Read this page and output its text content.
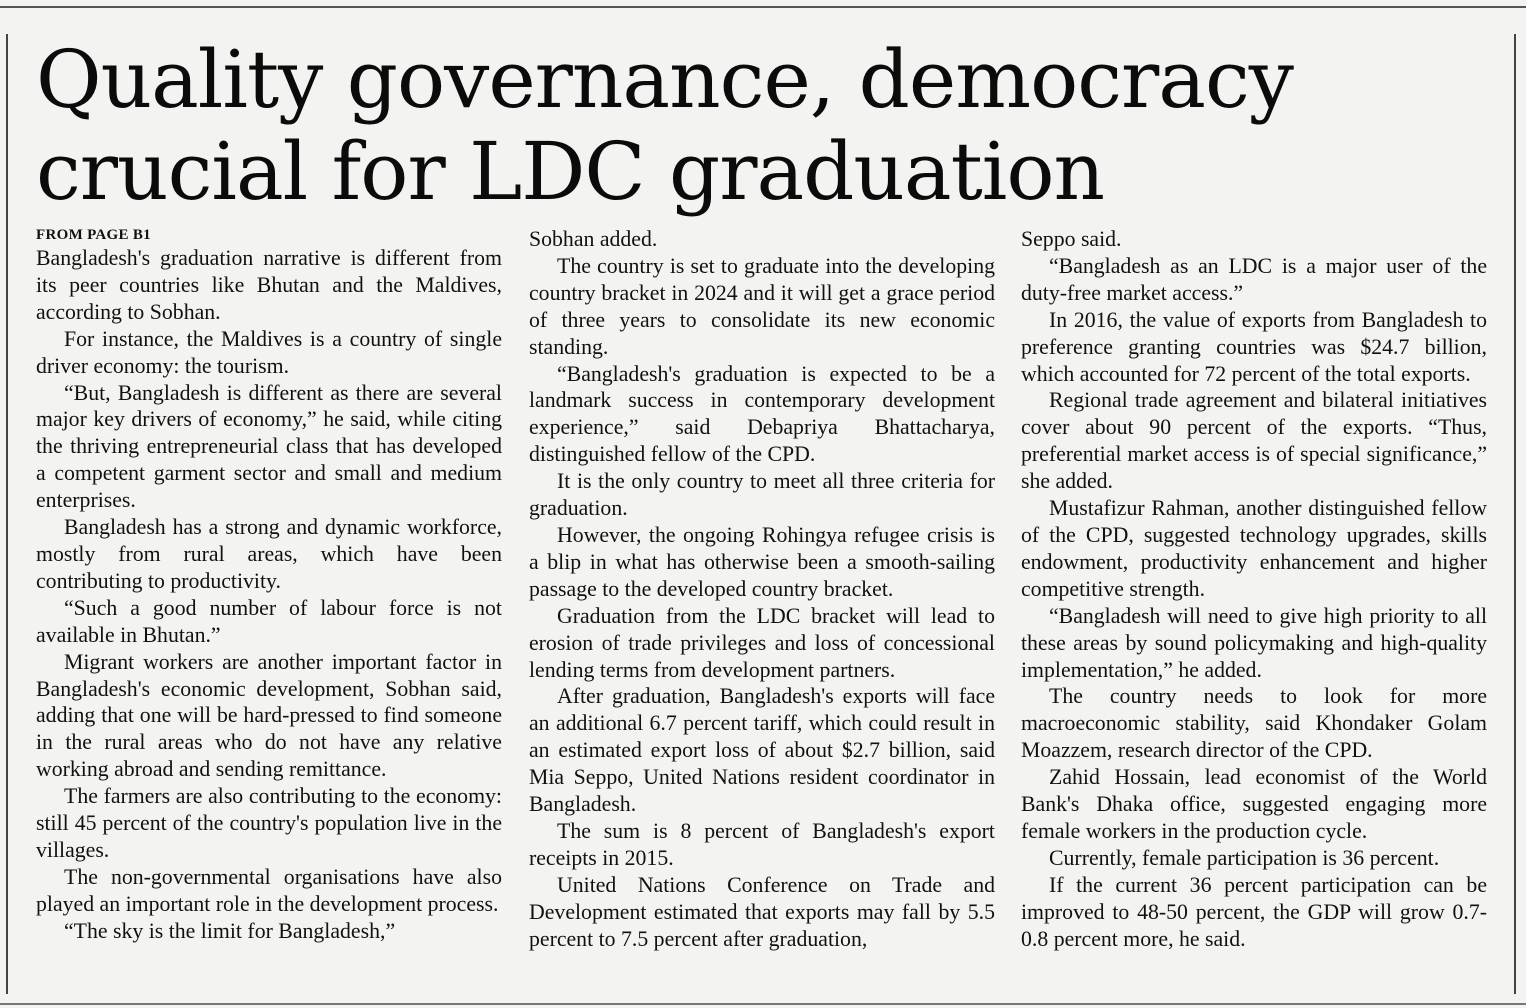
Quality governance, democracy
crucial for LDC graduation
FROM PAGE B1

Bangladesh's graduation narrative is different from its peer countries like Bhutan and the Maldives, according to Sobhan.

For instance, the Maldives is a country of single driver economy: the tourism.

“But, Bangladesh is different as there are several major key drivers of economy,” he said, while citing the thriving entrepreneurial class that has developed a competent garment sector and small and medium enterprises.

Bangladesh has a strong and dynamic workforce, mostly from rural areas, which have been contributing to productivity.

“Such a good number of labour force is not available in Bhutan.”

Migrant workers are another important factor in Bangladesh's economic development, Sobhan said, adding that one will be hard-pressed to find someone in the rural areas who do not have any relative working abroad and sending remittance.

The farmers are also contributing to the economy: still 45 percent of the country's population live in the villages.

The non-governmental organisations have also played an important role in the development process.

“The sky is the limit for Bangladesh,”

Sobhan added.

The country is set to graduate into the developing country bracket in 2024 and it will get a grace period of three years to consolidate its new economic standing.

“Bangladesh's graduation is expected to be a landmark success in contemporary development experience,” said Debapriya Bhattacharya, distinguished fellow of the CPD.

It is the only country to meet all three criteria for graduation.

However, the ongoing Rohingya refugee crisis is a blip in what has otherwise been a smooth-sailing passage to the developed country bracket.

Graduation from the LDC bracket will lead to erosion of trade privileges and loss of concessional lending terms from development partners.

After graduation, Bangladesh's exports will face an additional 6.7 percent tariff, which could result in an estimated export loss of about $2.7 billion, said Mia Seppo, United Nations resident coordinator in Bangladesh.

The sum is 8 percent of Bangladesh's export receipts in 2015.

United Nations Conference on Trade and Development estimated that exports may fall by 5.5 percent to 7.5 percent after graduation,

Seppo said.

“Bangladesh as an LDC is a major user of the duty-free market access.”

In 2016, the value of exports from Bangladesh to preference granting countries was $24.7 billion, which accounted for 72 percent of the total exports.

Regional trade agreement and bilateral initiatives cover about 90 percent of the exports. “Thus, preferential market access is of special significance,” she added.

Mustafizur Rahman, another distinguished fellow of the CPD, suggested technology upgrades, skills endowment, productivity enhancement and higher competitive strength.

“Bangladesh will need to give high priority to all these areas by sound policymaking and high-quality implementation,” he added.

The country needs to look for more macroeconomic stability, said Khondaker Golam Moazzem, research director of the CPD.

Zahid Hossain, lead economist of the World Bank's Dhaka office, suggested engaging more female workers in the production cycle.

Currently, female participation is 36 percent.

If the current 36 percent participation can be improved to 48-50 percent, the GDP will grow 0.7-0.8 percent more, he said.
